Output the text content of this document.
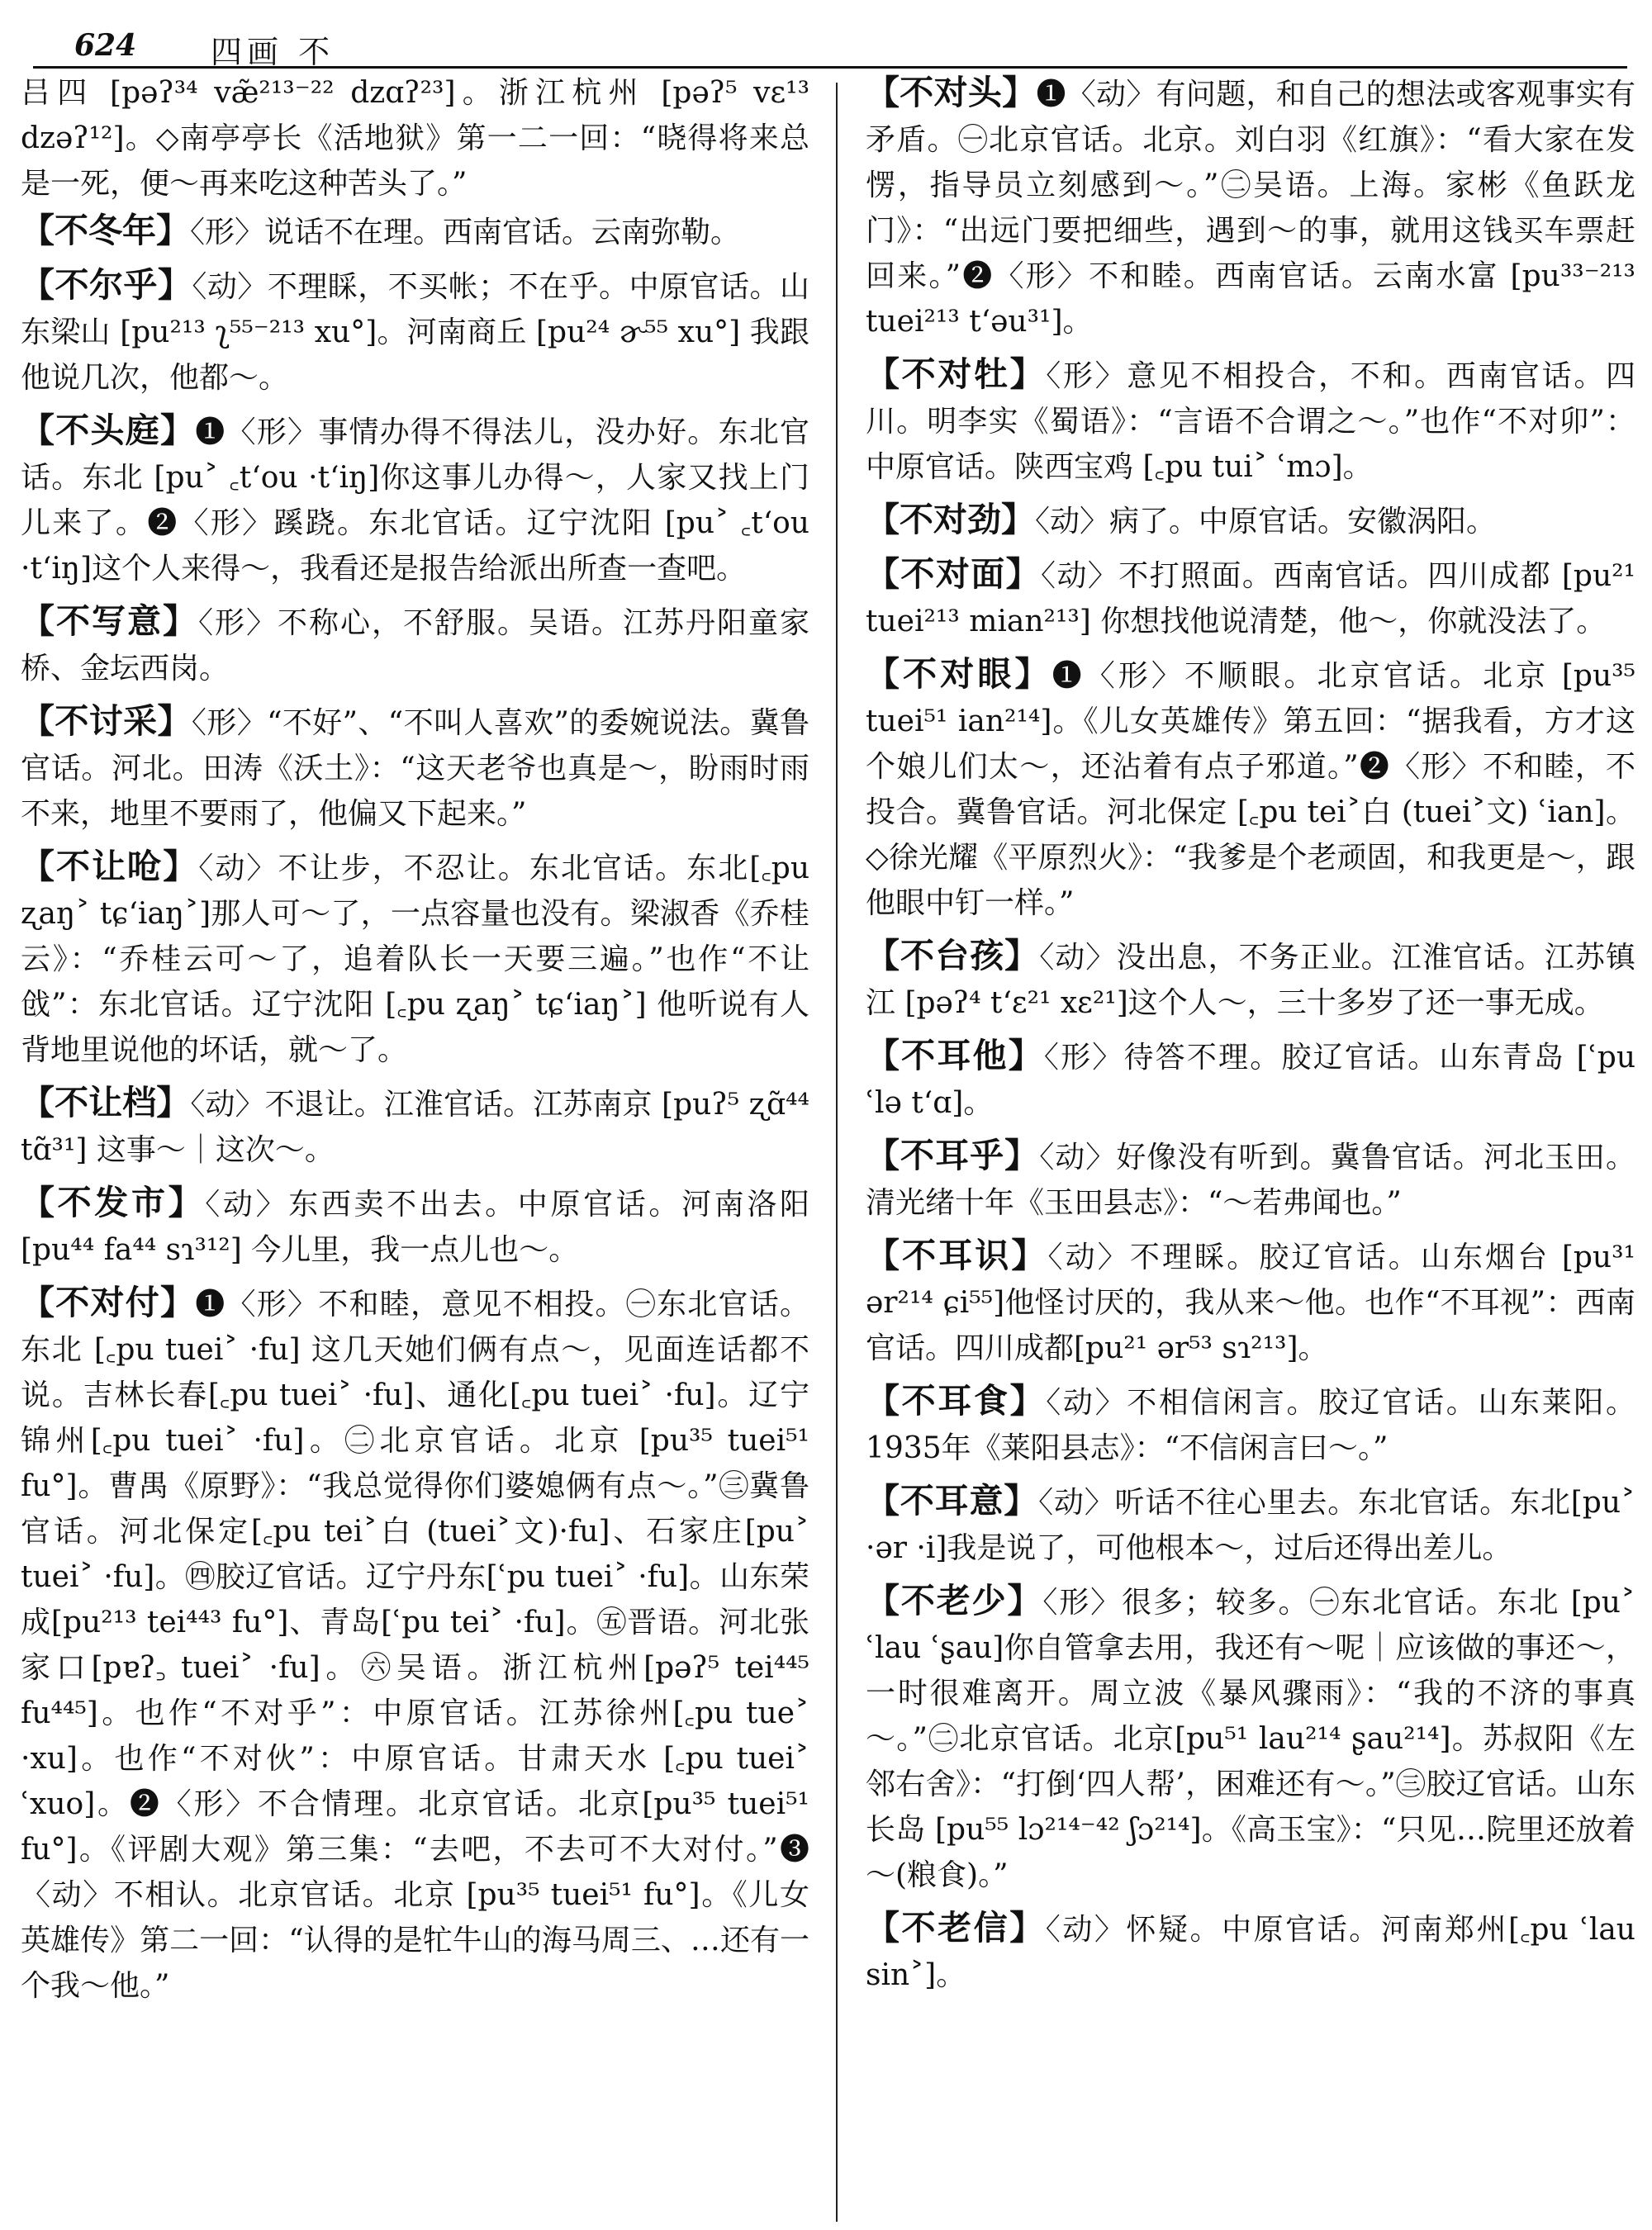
624 四画 不

吕四 [pəʔ³⁴ væ̃²¹³⁻²² dzɑʔ²³]。浙江杭州 [pəʔ⁵ vɛ¹³ dzəʔ¹²]。◇南亭亭长《活地狱》第一二一回：“晓得将来总是一死，便～再来吃这种苦头了。”

【不冬年】〈形〉说话不在理。西南官话。云南弥勒。

【不尔乎】〈动〉不理睬，不买帐；不在乎。中原官话。山东梁山 [pu²¹³ ʅ⁵⁵⁻²¹³ xu°]。河南商丘 [pu²⁴ ɚ⁵⁵ xu°] 我跟他说几次，他都～。

【不头庭】❶〈形〉事情办得不得法儿，没办好。东北官话。东北 [pu˃ ꜀tʻou ·tʻiŋ]你这事儿办得～，人家又找上门儿来了。❷〈形〉蹊跷。东北官话。辽宁沈阳 [pu˃ ꜀tʻou ·tʻiŋ]这个人来得～，我看还是报告给派出所查一查吧。

【不写意】〈形〉不称心，不舒服。吴语。江苏丹阳童家桥、金坛西岗。

【不讨采】〈形〉“不好”、“不叫人喜欢”的委婉说法。冀鲁官话。河北。田涛《沃土》：“这天老爷也真是～，盼雨时雨不来，地里不要雨了，他偏又下起来。”

【不让呛】〈动〉不让步，不忍让。东北官话。东北[꜀pu ʐaŋ˃ tɕʻiaŋ˃]那人可～了，一点容量也没有。梁淑香《乔桂云》：“乔桂云可～了，追着队长一天要三遍。”也作“不让戗”：东北官话。辽宁沈阳 [꜀pu ʐaŋ˃ tɕʻiaŋ˃] 他听说有人背地里说他的坏话，就～了。

【不让档】〈动〉不退让。江淮官话。江苏南京 [puʔ⁵ ʐɑ̃⁴⁴ tɑ̃³¹] 这事～｜这次～。

【不发市】〈动〉东西卖不出去。中原官话。河南洛阳 [pu⁴⁴ fa⁴⁴ sɿ³¹²] 今儿里，我一点儿也～。

【不对付】❶〈形〉不和睦，意见不相投。㊀东北官话。东北 [꜀pu tuei˃ ·fu] 这几天她们俩有点～，见面连话都不说。吉林长春[꜀pu tuei˃ ·fu]、通化[꜀pu tuei˃ ·fu]。辽宁锦州[꜀pu tuei˃ ·fu]。㊁北京官话。北京 [pu³⁵ tuei⁵¹ fu°]。曹禺《原野》：“我总觉得你们婆媳俩有点～。”㊂冀鲁官话。河北保定[꜀pu tei˃白 (tuei˃文)·fu]、石家庄[pu˃ tuei˃ ·fu]。㊃胶辽官话。辽宁丹东[ʿpu tuei˃ ·fu]。山东荣成[pu²¹³ tei⁴⁴³ fu°]、青岛[ʿpu tei˃ ·fu]。㊄晋语。河北张家口[pɐʔ꜆ tuei˃ ·fu]。㊅吴语。浙江杭州[pəʔ⁵ tei⁴⁴⁵ fu⁴⁴⁵]。也作“不对乎”：中原官话。江苏徐州[꜀pu tue˃ ·xu]。也作“不对伙”：中原官话。甘肃天水 [꜀pu tuei˃ ʿxuo]。❷〈形〉不合情理。北京官话。北京[pu³⁵ tuei⁵¹ fu°]。《评剧大观》第三集：“去吧，不去可不大对付。”❸〈动〉不相认。北京官话。北京 [pu³⁵ tuei⁵¹ fu°]。《儿女英雄传》第二一回：“认得的是牤牛山的海马周三、…还有一个我～他。”

【不对头】❶〈动〉有问题，和自己的想法或客观事实有矛盾。㊀北京官话。北京。刘白羽《红旗》：“看大家在发愣，指导员立刻感到～。”㊁吴语。上海。家彬《鱼跃龙门》：“出远门要把细些，遇到～的事，就用这钱买车票赶回来。”❷〈形〉不和睦。西南官话。云南水富 [pu³³⁻²¹³ tuei²¹³ tʻəu³¹]。

【不对牡】〈形〉意见不相投合，不和。西南官话。四川。明李实《蜀语》：“言语不合谓之～。”也作“不对卯”：中原官话。陕西宝鸡 [꜀pu tui˃ ʿmɔ]。

【不对劲】〈动〉病了。中原官话。安徽涡阳。

【不对面】〈动〉不打照面。西南官话。四川成都 [pu²¹ tuei²¹³ mian²¹³] 你想找他说清楚，他～，你就没法了。

【不对眼】❶〈形〉不顺眼。北京官话。北京 [pu³⁵ tuei⁵¹ ian²¹⁴]。《儿女英雄传》第五回：“据我看，方才这个娘儿们太～，还沾着有点子邪道。”❷〈形〉不和睦，不投合。冀鲁官话。河北保定 [꜀pu tei˃白 (tuei˃文) ʿian]。◇徐光耀《平原烈火》：“我爹是个老顽固，和我更是～，跟他眼中钉一样。”

【不台孩】〈动〉没出息，不务正业。江淮官话。江苏镇江 [pəʔ⁴ tʻɛ²¹ xɛ²¹]这个人～，三十多岁了还一事无成。

【不耳他】〈形〉待答不理。胶辽官话。山东青岛 [ʿpu ʿlə tʻɑ]。

【不耳乎】〈动〉好像没有听到。冀鲁官话。河北玉田。清光绪十年《玉田县志》：“～若弗闻也。”

【不耳识】〈动〉不理睬。胶辽官话。山东烟台 [pu³¹ ər²¹⁴ ɕi⁵⁵]他怪讨厌的，我从来～他。也作“不耳视”：西南官话。四川成都[pu²¹ ər⁵³ sɿ²¹³]。

【不耳食】〈动〉不相信闲言。胶辽官话。山东莱阳。1935年《莱阳县志》：“不信闲言曰～。”

【不耳意】〈动〉听话不往心里去。东北官话。东北[pu˃ ·ər ·i]我是说了，可他根本～，过后还得出差儿。

【不老少】〈形〉很多；较多。㊀东北官话。东北 [pu˃ ʿlau ʿʂau]你自管拿去用，我还有～呢｜应该做的事还～，一时很难离开。周立波《暴风骤雨》：“我的不济的事真～。”㊁北京官话。北京[pu⁵¹ lau²¹⁴ ʂau²¹⁴]。苏叔阳《左邻右舍》：“打倒‘四人帮’，困难还有～。”㊂胶辽官话。山东长岛 [pu⁵⁵ lɔ²¹⁴⁻⁴² ʃɔ²¹⁴]。《高玉宝》：“只见…院里还放着～(粮食)。”

【不老信】〈动〉怀疑。中原官话。河南郑州[꜀pu ʿlau sin˃]。
